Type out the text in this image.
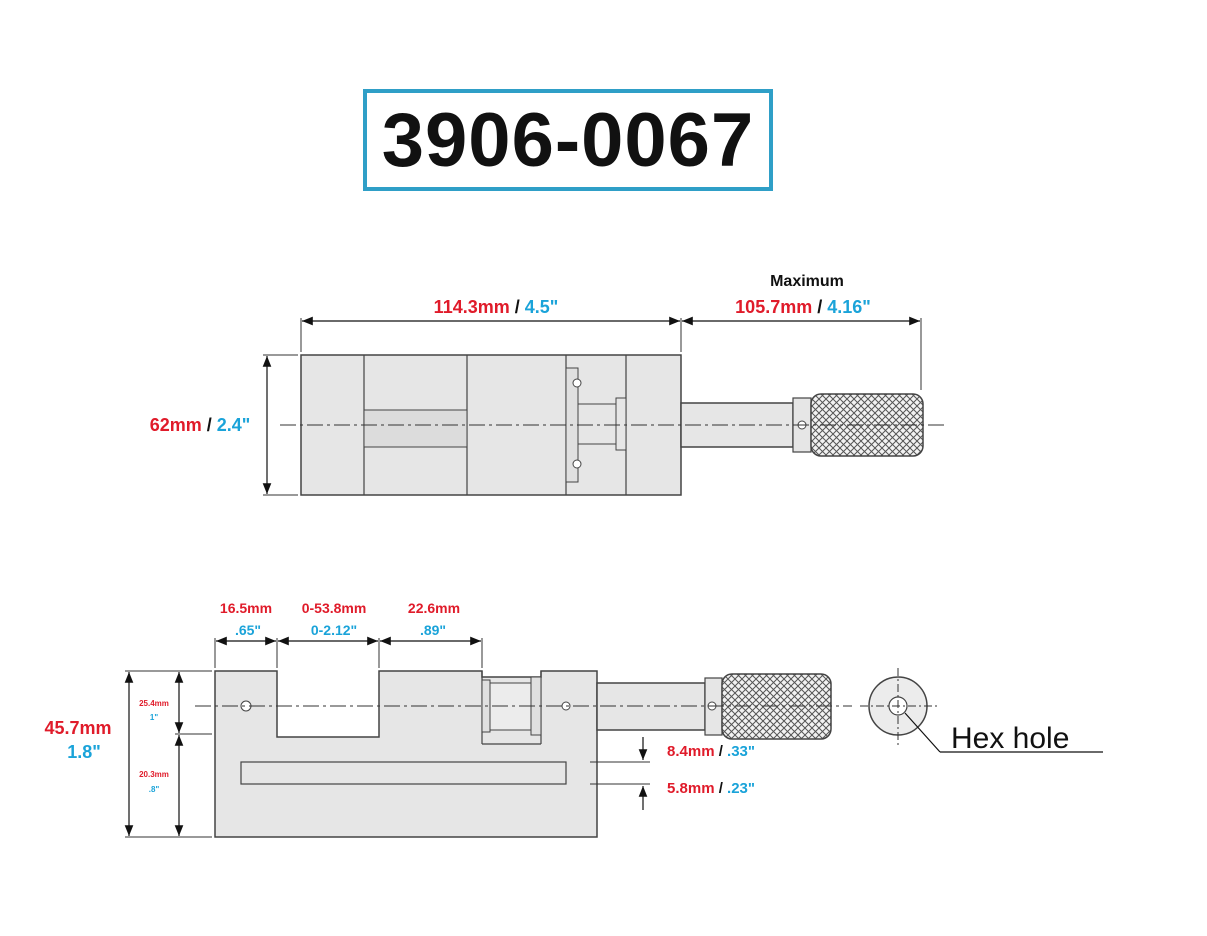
3906-0067
114.3mm / 4.5"
Maximum
105.7mm / 4.16"
62mm / 2.4"
Hex hole
16.5mm
.65"
0-53.8mm
0-2.12"
22.6mm
.89"
45.7mm
1.8"
25.4mm
1"
20.3mm
.8"
8.4mm / .33"
5.8mm / .23"
